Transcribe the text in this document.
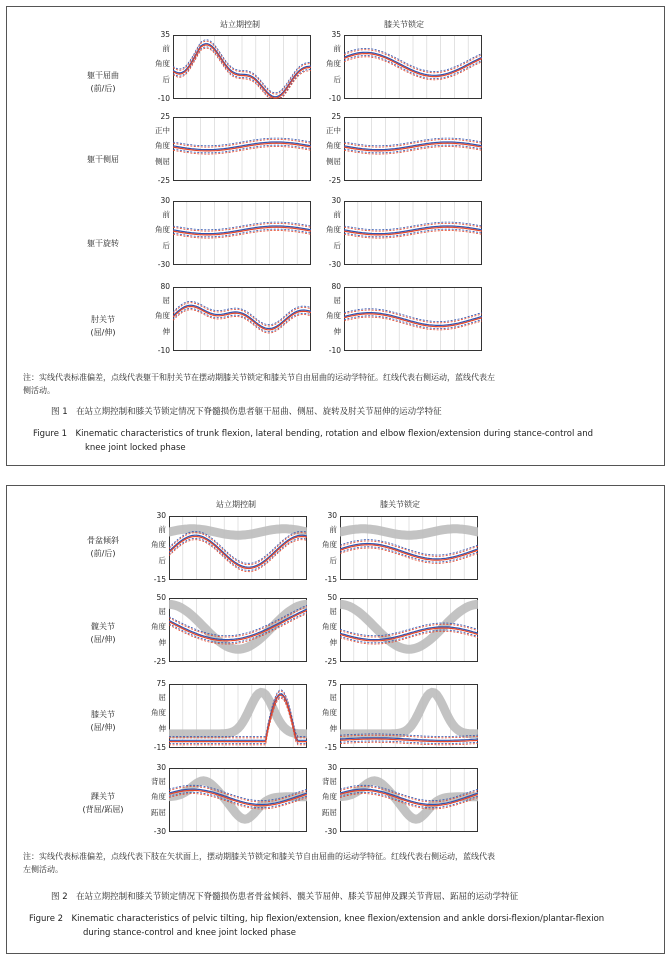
站立期控制	膝关节锁定
躯干屈曲
(前/后)
躯干侧屈
躯干旋转
肘关节
(屈/伸)
注：实线代表标准偏差，点线代表躯干和肘关节在摆动期膝关节锁定和膝关节自由屈曲的运动学特征。红线代表右侧运动，蓝线代表左
侧活动。
图 1　在站立期控制和膝关节锁定情况下脊髓损伤患者躯干屈曲、侧屈、旋转及肘关节屈伸的运动学特征
Figure 1　Kinematic characteristics of trunk flexion, lateral bending, rotation and elbow flexion/extension during stance-control and
knee joint locked phase
35
前
角度
后
-10
35
前
角度
后
-10
25
正中
角度
侧屈
-25
25
正中
角度
侧屈
-25
30
前
角度
后
-30
30
前
角度
后
-30
80
屈
角度
伸
-10
80
屈
角度
伸
-10
站立期控制	膝关节锁定
骨盆倾斜
(前/后)
髋关节
(屈/伸)
膝关节
(屈/伸)
踝关节
(背屈/跖屈)
注：实线代表标准偏差，点线代表下肢在矢状面上，摆动期膝关节锁定和膝关节自由屈曲的运动学特征。红线代表右侧运动，蓝线代表
左侧活动。
图 2　在站立期控制和膝关节锁定情况下脊髓损伤患者骨盆倾斜、髋关节屈伸、膝关节屈伸及踝关节背屈、跖屈的运动学特征
Figure 2　Kinematic characteristics of pelvic tilting, hip flexion/extension, knee flexion/extension and ankle dorsi-flexion/plantar-flexion
during stance-control and knee joint locked phase
30
前
角度
后
-15
30
前
角度
后
-15
50
屈
角度
伸
-25
50
屈
角度
伸
-25
75
屈
角度
伸
-15
75
屈
角度
伸
-15
30
背屈
角度
跖屈
-30
30
背屈
角度
跖屈
-30
